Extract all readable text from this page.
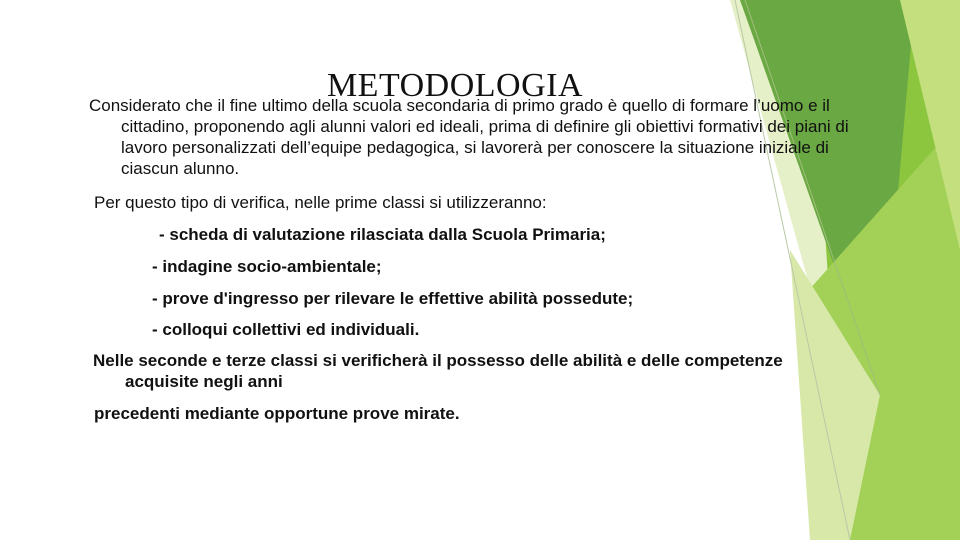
METODOLOGIA

Considerato che il fine ultimo della scuola secondaria di primo grado è quello di formare l’uomo e il cittadino, proponendo agli alunni valori ed ideali, prima di definire gli obiettivi formativi dei piani di lavoro personalizzati dell’equipe pedagogica, si lavorerà per conoscere la situazione iniziale di ciascun alunno.

Per questo tipo di verifica, nelle prime classi si utilizzeranno:
- scheda di valutazione rilasciata dalla Scuola Primaria;
- indagine socio-ambientale;
- prove d'ingresso per rilevare le effettive abilità possedute;
- colloqui collettivi ed individuali.

Nelle seconde e terze classi si verificherà il possesso delle abilità e delle competenze acquisite negli anni

precedenti mediante opportune prove mirate.
